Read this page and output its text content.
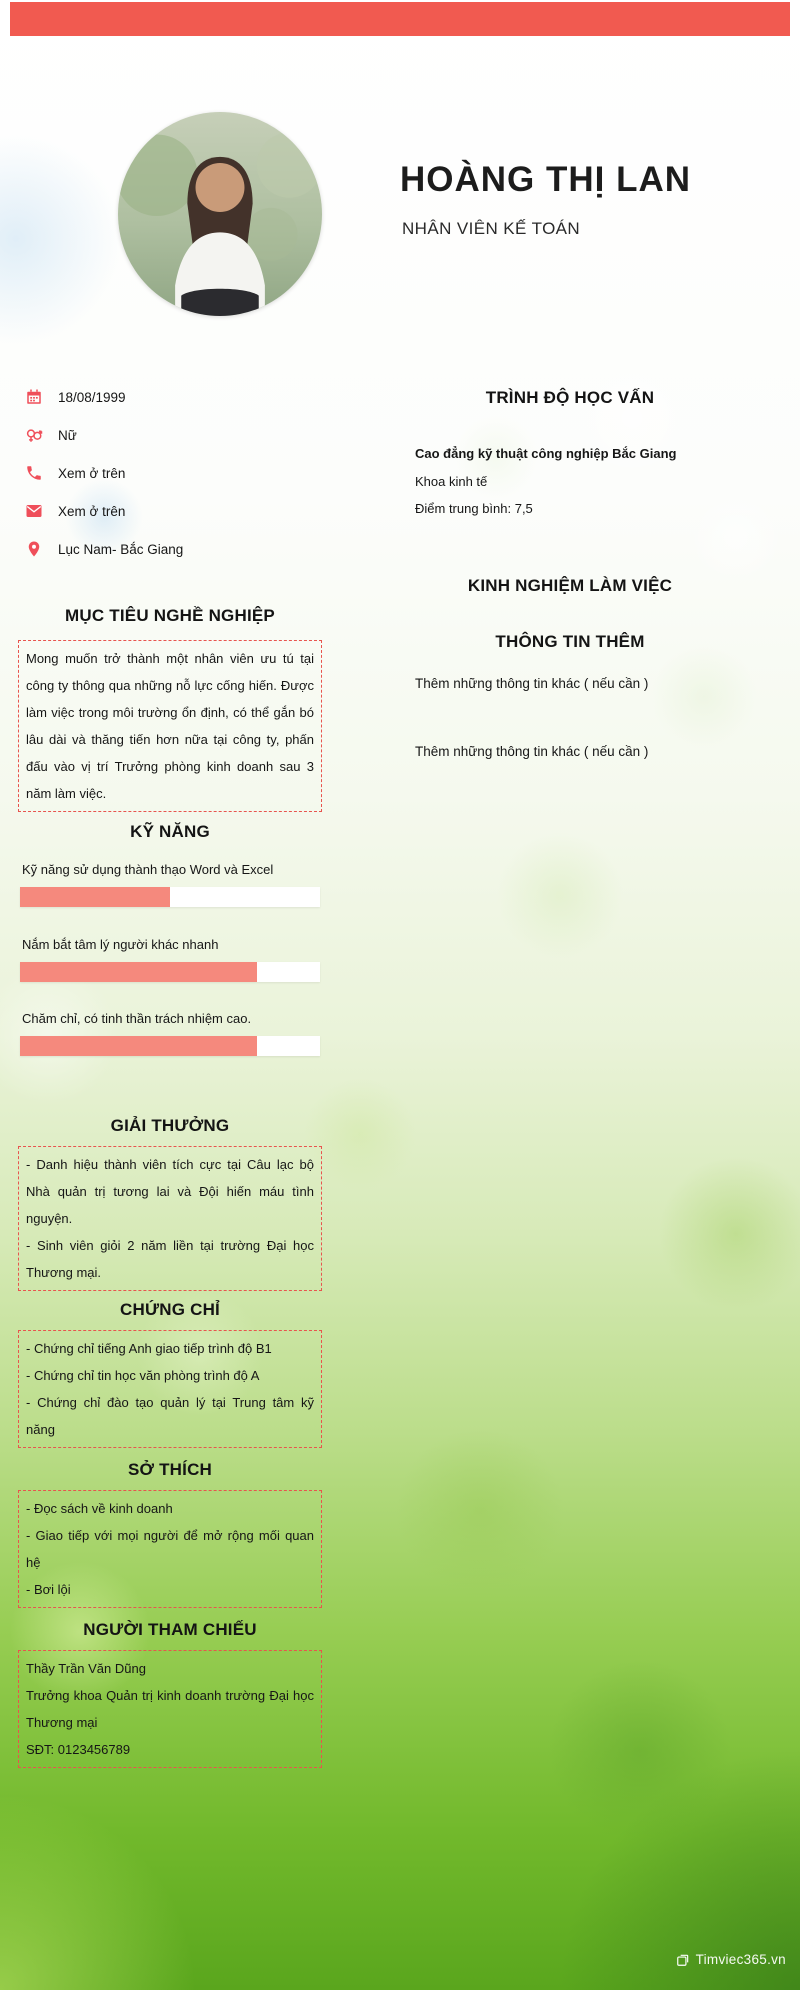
HOÀNG THỊ LAN
NHÂN VIÊN KẾ TOÁN
18/08/1999
Nữ
Xem ở trên
Xem ở trên
Lục Nam- Bắc Giang
MỤC TIÊU NGHỀ NGHIỆP

Mong muốn trở thành một nhân viên ưu tú tại công ty thông qua những nỗ lực cống hiến. Được làm việc trong môi trường ổn định, có thể gắn bó lâu dài và thăng tiến hơn nữa tại công ty, phấn đấu vào vị trí Trưởng phòng kinh doanh sau 3 năm làm việc.

KỸ NĂNG
Kỹ năng sử dụng thành thạo Word và Excel
Nắm bắt tâm lý người khác nhanh
Chăm chỉ, có tinh thần trách nhiệm cao.
GIẢI THƯỞNG

- Danh hiệu thành viên tích cực tại Câu lạc bộ Nhà quản trị tương lai và Đội hiến máu tình nguyện.

- Sinh viên giỏi 2 năm liền tại trường Đại học Thương mại.

CHỨNG CHỈ
- Chứng chỉ tiếng Anh giao tiếp trình độ B1
- Chứng chỉ tin học văn phòng trình độ A
- Chứng chỉ đào tạo quản lý tại Trung tâm kỹ năng
SỞ THÍCH
- Đọc sách về kinh doanh
- Giao tiếp với mọi người để mở rộng mối quan hệ
- Bơi lội
NGƯỜI THAM CHIẾU
Thầy Trần Văn Dũng
Trưởng khoa Quản trị kinh doanh trường Đại học Thương mại
SĐT: 0123456789
TRÌNH ĐỘ HỌC VẤN
Cao đẳng kỹ thuật công nghiệp Bắc Giang
Khoa kinh tế
Điểm trung bình: 7,5
KINH NGHIỆM LÀM VIỆC
THÔNG TIN THÊM
Thêm những thông tin khác ( nếu cần )
Thêm những thông tin khác ( nếu cần )
Timviec365.vn
